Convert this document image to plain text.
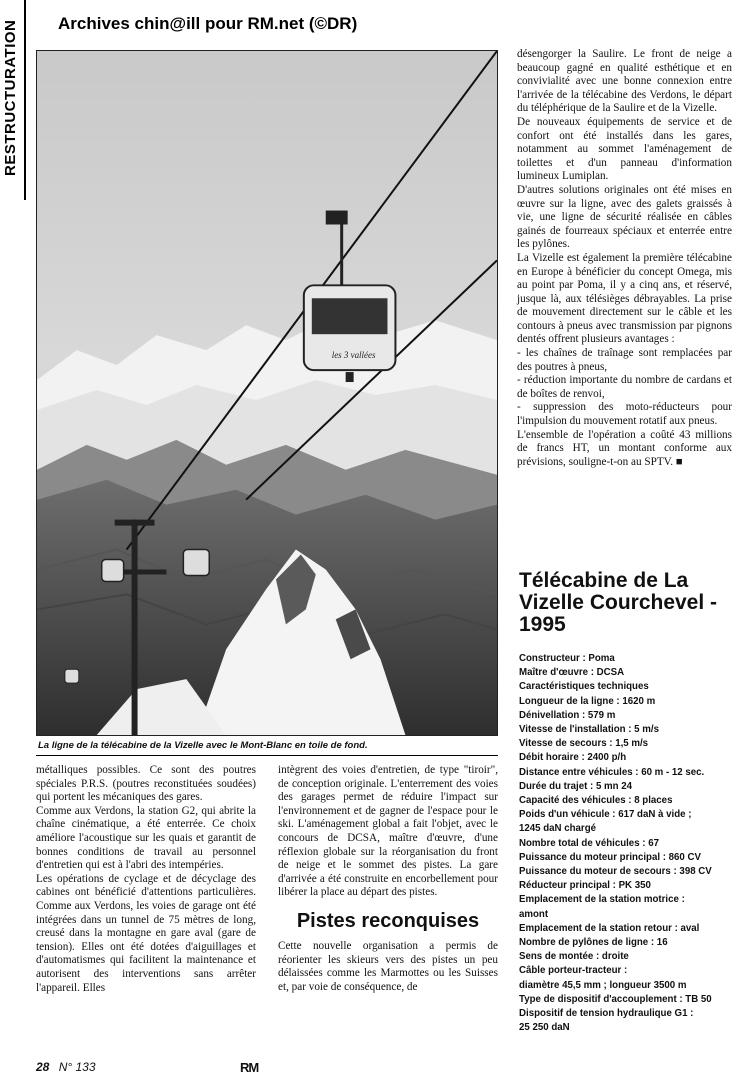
RESTRUCTURATION Archives chin@ill pour RM.net (©DR)
les 3 vallées
La ligne de la télécabine de la Vizelle avec le Mont-Blanc en toile de fond.

désengorger la Saulire. Le front de neige a beaucoup gagné en qualité esthétique et en convivialité avec une bonne connexion entre l'arrivée de la télécabine des Verdons, le départ du téléphérique de la Saulire et de la Vizelle.

De nouveaux équipements de service et de confort ont été installés dans les gares, notamment au sommet l'aménagement de toilettes et d'un panneau d'information lumineux Lumiplan.

D'autres solutions originales ont été mises en œuvre sur la ligne, avec des galets graissés à vie, une ligne de sécurité réalisée en câbles gainés de fourreaux spéciaux et enterrée entre les pylônes.

La Vizelle est également la première télécabine en Europe à bénéficier du concept Omega, mis au point par Poma, il y a cinq ans, et réservé, jusque là, aux télésièges débrayables. La prise de mouvement directement sur le câble et les contours à pneus avec transmission par pignons dentés offrent plusieurs avantages :

- les chaînes de traînage sont remplacées par des poutres à pneus,

- réduction importante du nombre de cardans et de boîtes de renvoi,

- suppression des moto-réducteurs pour l'impulsion du mouvement rotatif aux pneus.

L'ensemble de l'opération a coûté 43 millions de francs HT, un montant conforme aux prévisions, souligne-t-on au SPTV. ■

métalliques possibles. Ce sont des poutres spéciales P.R.S. (poutres reconstituées soudées) qui portent les mécaniques des gares.

Comme aux Verdons, la station G2, qui abrite la chaîne cinématique, a été enterrée. Ce choix améliore l'acoustique sur les quais et garantit de bonnes conditions de travail au personnel d'entretien qui est à l'abri des intempéries.

Les opérations de cyclage et de décyclage des cabines ont bénéficié d'attentions particulières. Comme aux Verdons, les voies de garage ont été intégrées dans un tunnel de 75 mètres de long, creusé dans la montagne en gare aval (gare de tension). Elles ont été dotées d'aiguillages et d'automatismes qui facilitent la maintenance et autorisent des interventions sans arrêter l'appareil. Elles

intègrent des voies d'entretien, de type "tiroir", de conception originale. L'enterrement des voies des garages permet de réduire l'impact sur l'environnement et de gagner de l'espace pour le ski. L'aménagement global a fait l'objet, avec le concours de DCSA, maître d'œuvre, d'une réflexion globale sur la réorganisation du front de neige et le sommet des pistes. La gare d'arrivée a été construite en encorbellement pour libérer la place au départ des pistes.

Pistes reconquises

Cette nouvelle organisation a permis de réorienter les skieurs vers des pistes un peu délaissées comme les Marmottes ou les Suisses et, par voie de conséquence, de

Télécabine de La Vizelle Courchevel - 1995
Constructeur : Poma
Maître d'œuvre : DCSA
Caractéristiques techniques
Longueur de la ligne : 1620 m
Dénivellation : 579 m
Vitesse de l'installation : 5 m/s
Vitesse de secours : 1,5 m/s
Débit horaire : 2400 p/h
Distance entre véhicules : 60 m - 12 sec.
Durée du trajet : 5 mn 24
Capacité des véhicules : 8 places
Poids d'un véhicule : 617 daN à vide ;
1245 daN chargé
Nombre total de véhicules : 67
Puissance du moteur principal : 860 CV
Puissance du moteur de secours : 398 CV
Réducteur principal : PK 350
Emplacement de la station motrice :
amont
Emplacement de la station retour : aval
Nombre de pylônes de ligne : 16
Sens de montée : droite
Câble porteur-tracteur :
diamètre 45,5 mm ; longueur 3500 m
Type de dispositif d'accouplement : TB 50
Dispositif de tension hydraulique G1 :
25 250 daN
28 N° 133	RM
